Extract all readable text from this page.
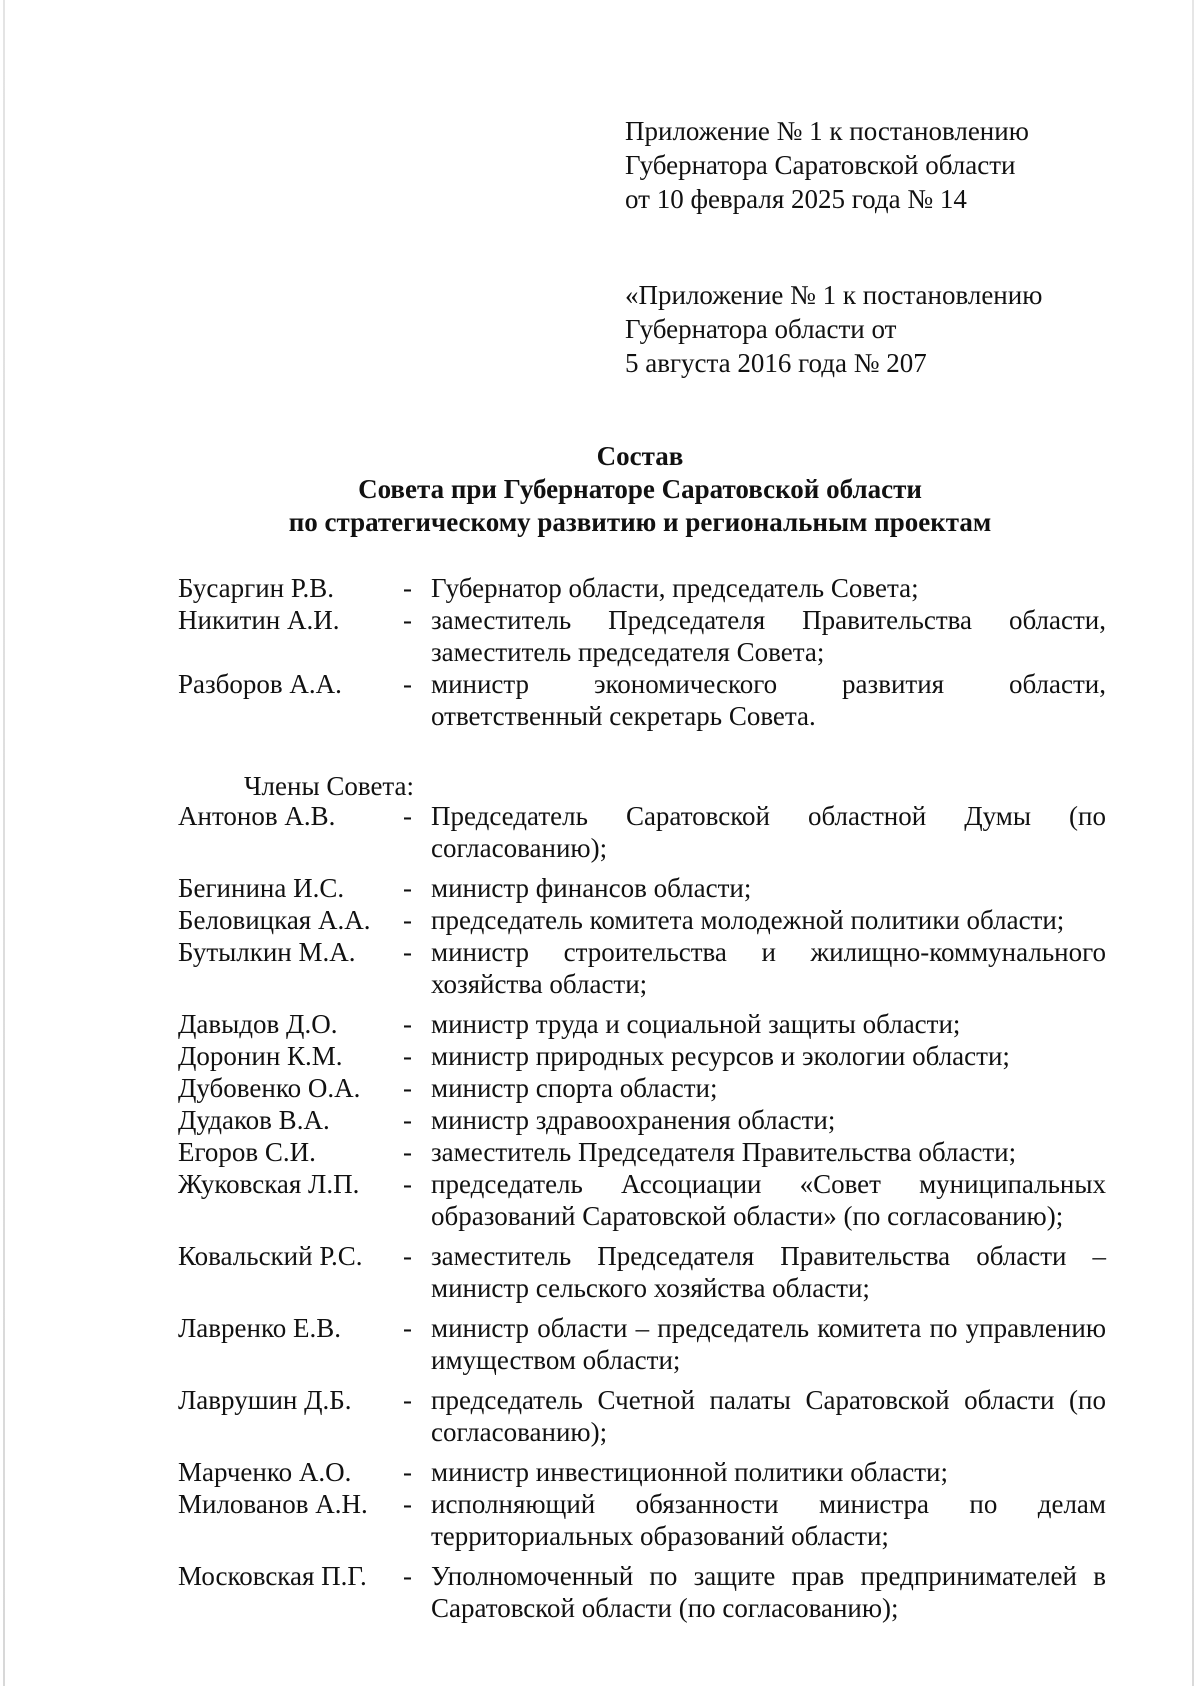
Приложение № 1 к постановлению
Губернатора Саратовской области
от 10 февраля 2025 года № 14
«Приложение № 1 к постановлению
Губернатора области от
5 августа 2016 года № 207
Состав
Совета при Губернаторе Саратовской области
по стратегическому развитию и региональным проектам
Бусаргин Р.В.	- Губернатор области, председатель Совета;
Никитин А.И.	- заместитель Председателя Правительства области, заместитель председателя Совета;
Разборов А.А.	- министр экономического развития области, ответственный секретарь Совета.
Члены Совета:
Антонов А.В.	- Председатель Саратовской областной Думы (по согласованию);
Бегинина И.С.	- министр финансов области;
Беловицкая А.А.	- председатель комитета молодежной политики области;
Бутылкин М.А.	- министр строительства и жилищно-коммунального хозяйства области;
Давыдов Д.О.	- министр труда и социальной защиты области;
Доронин К.М.	- министр природных ресурсов и экологии области;
Дубовенко О.А.	- министр спорта области;
Дудаков В.А.	- министр здравоохранения области;
Егоров С.И.	- заместитель Председателя Правительства области;
Жуковская Л.П.	- председатель Ассоциации «Совет муниципальных образований Саратовской области» (по согласованию);
Ковальский Р.С.	- заместитель Председателя Правительства области – министр сельского хозяйства области;
Лавренко Е.В.	- министр области – председатель комитета по управлению имуществом области;
Лаврушин Д.Б.	- председатель Счетной палаты Саратовской области (по согласованию);
Марченко А.О.	- министр инвестиционной политики области;
Милованов А.Н.	- исполняющий обязанности министра по делам территориальных образований области;
Московская П.Г.	- Уполномоченный по защите прав предпринимателей в Саратовской области (по согласованию);
